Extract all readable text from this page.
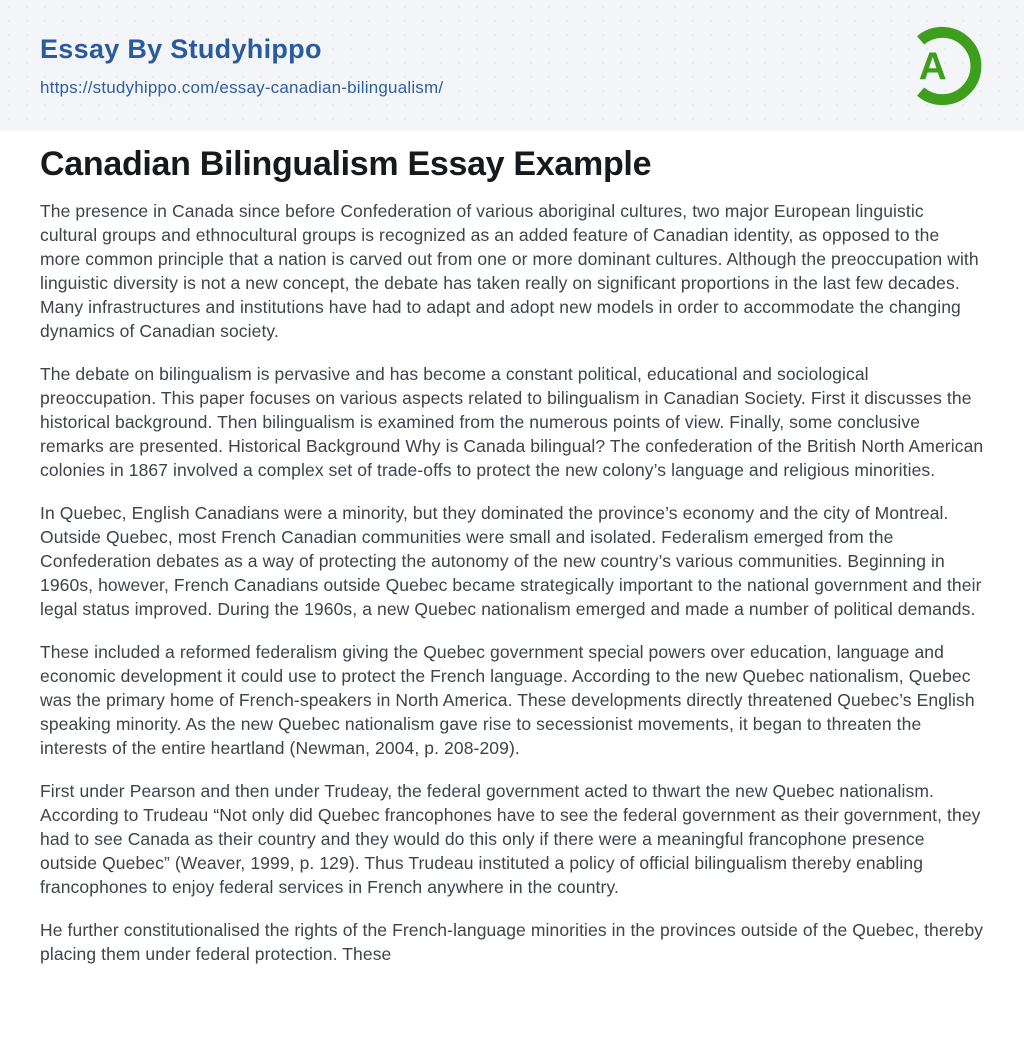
Essay By Studyhippo
https://studyhippo.com/essay-canadian-bilingualism/	A
Canadian Bilingualism Essay Example

The presence in Canada since before Confederation of various aboriginal cultures, two major European linguistic cultural groups and ethnocultural groups is recognized as an added feature of Canadian identity, as opposed to the more common principle that a nation is carved out from one or more dominant cultures. Although the preoccupation with linguistic diversity is not a new concept, the debate has taken really on significant proportions in the last few decades. Many infrastructures and institutions have had to adapt and adopt new models in order to accommodate the changing dynamics of Canadian society.

The debate on bilingualism is pervasive and has become a constant political, educational and sociological preoccupation. This paper focuses on various aspects related to bilingualism in Canadian Society. First it discusses the historical background. Then bilingualism is examined from the numerous points of view. Finally, some conclusive remarks are presented. Historical Background Why is Canada bilingual? The confederation of the British North American colonies in 1867 involved a complex set of trade-offs to protect the new colony’s language and religious minorities.

In Quebec, English Canadians were a minority, but they dominated the province’s economy and the city of Montreal. Outside Quebec, most French Canadian communities were small and isolated. Federalism emerged from the Confederation debates as a way of protecting the autonomy of the new country’s various communities. Beginning in 1960s, however, French Canadians outside Quebec became strategically important to the national government and their legal status improved. During the 1960s, a new Quebec nationalism emerged and made a number of political demands.

These included a reformed federalism giving the Quebec government special powers over education, language and economic development it could use to protect the French language. According to the new Quebec nationalism, Quebec was the primary home of French-speakers in North America. These developments directly threatened Quebec’s English speaking minority. As the new Quebec nationalism gave rise to secessionist movements, it began to threaten the interests of the entire heartland (Newman, 2004, p. 208-209).

First under Pearson and then under Trudeay, the federal government acted to thwart the new Quebec nationalism. According to Trudeau “Not only did Quebec francophones have to see the federal government as their government, they had to see Canada as their country and they would do this only if there were a meaningful francophone presence outside Quebec” (Weaver, 1999, p. 129). Thus Trudeau instituted a policy of official bilingualism thereby enabling francophones to enjoy federal services in French anywhere in the country.

He further constitutionalised the rights of the French-language minorities in the provinces outside of the Quebec, thereby placing them under federal protection. These
